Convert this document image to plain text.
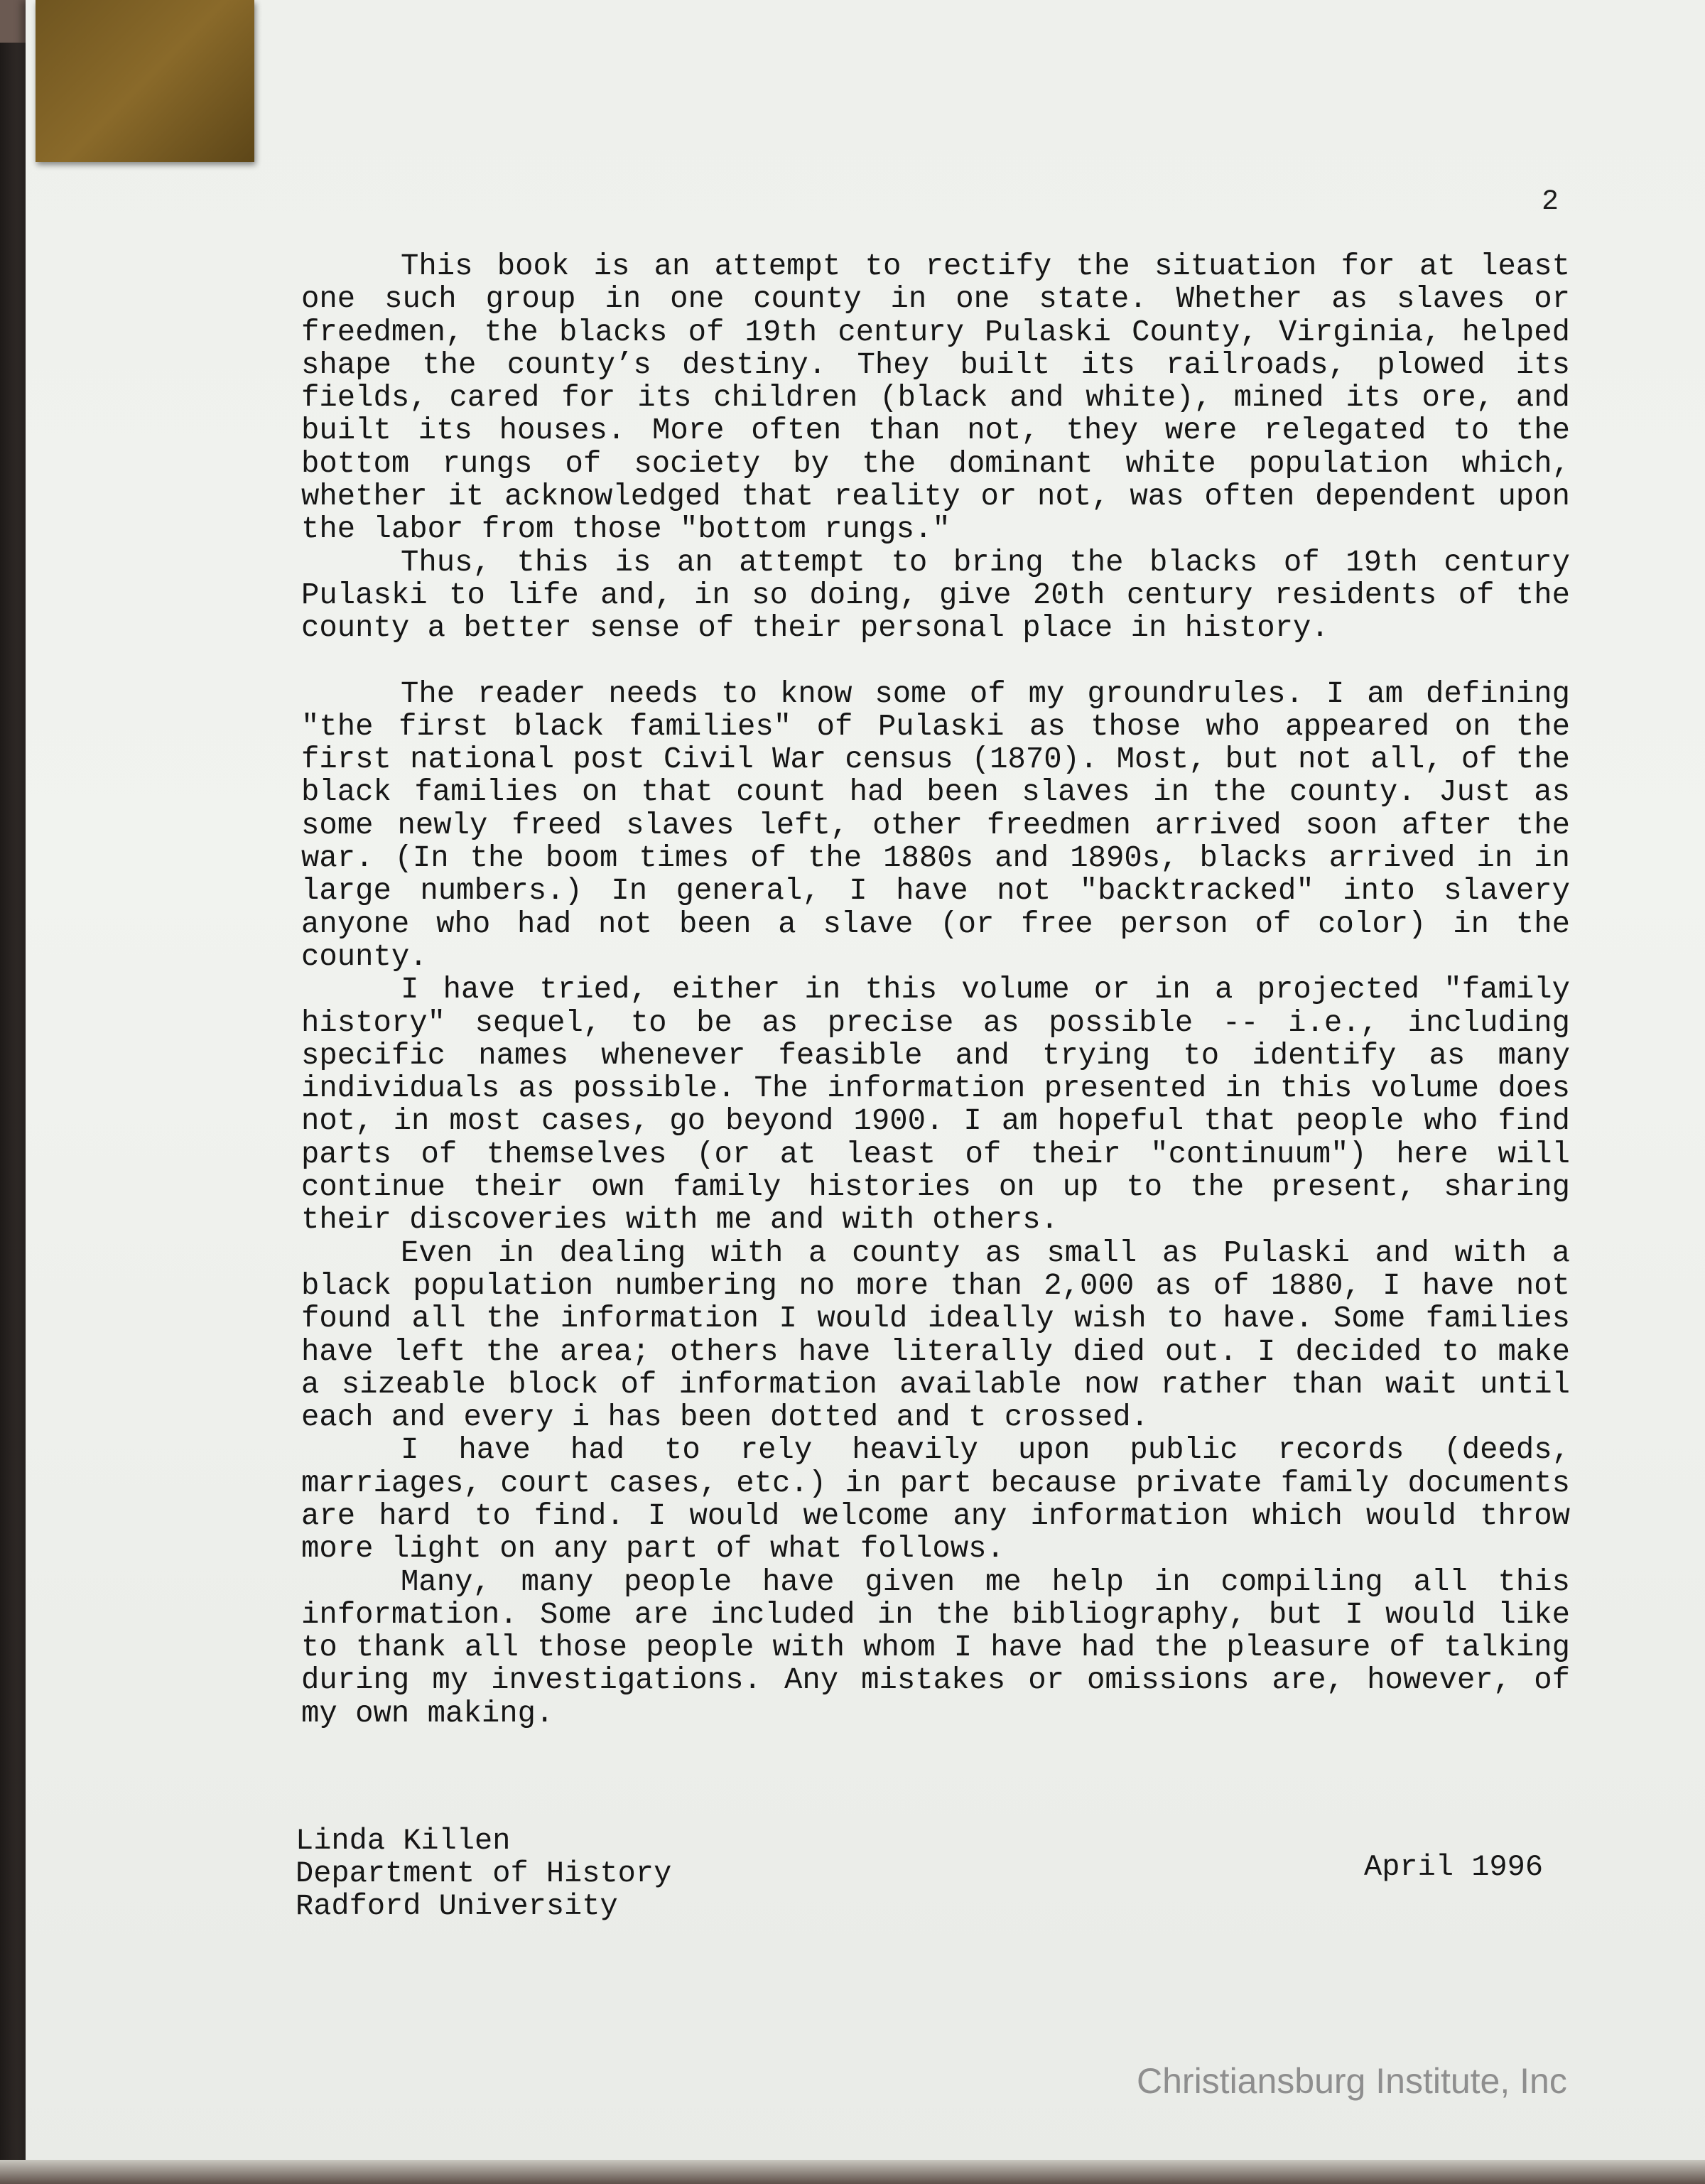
2

This book is an attempt to rectify the situation for at least one such group in one county in one state. Whether as slaves or freedmen, the blacks of 19th century Pulaski County, Virginia, helped shape the county’s destiny. They built its railroads, plowed its fields, cared for its children (black and white), mined its ore, and built its houses. More often than not, they were relegated to the bottom rungs of society by the dominant white population which, whether it acknowledged that reality or not, was often dependent upon the labor from those "bottom rungs."

Thus, this is an attempt to bring the blacks of 19th century Pulaski to life and, in so doing, give 20th century residents of the county a better sense of their personal place in history.

The reader needs to know some of my groundrules. I am defining "the first black families" of Pulaski as those who appeared on the first national post Civil War census (1870). Most, but not all, of the black families on that count had been slaves in the county. Just as some newly freed slaves left, other freedmen arrived soon after the war. (In the boom times of the 1880s and 1890s, blacks arrived in in large numbers.) In general, I have not "backtracked" into slavery anyone who had not been a slave (or free person of color) in the county.

I have tried, either in this volume or in a projected "family history" sequel, to be as precise as possible -- i.e., including specific names whenever feasible and trying to identify as many individuals as possible. The information presented in this volume does not, in most cases, go beyond 1900. I am hopeful that people who find parts of themselves (or at least of their "continuum") here will continue their own family histories on up to the present, sharing their discoveries with me and with others.

Even in dealing with a county as small as Pulaski and with a black population numbering no more than 2,000 as of 1880, I have not found all the information I would ideally wish to have. Some families have left the area; others have literally died out. I decided to make a sizeable block of information available now rather than wait until each and every i has been dotted and t crossed.

I have had to rely heavily upon public records (deeds, marriages, court cases, etc.) in part because private family documents are hard to find. I would welcome any information which would throw more light on any part of what follows.

Many, many people have given me help in compiling all this information. Some are included in the bibliography, but I would like to thank all those people with whom I have had the pleasure of talking during my investigations. Any mistakes or omissions are, however, of my own making.

Linda Killen
Department of History
Radford University
April 1996
Christiansburg Institute, Inc
